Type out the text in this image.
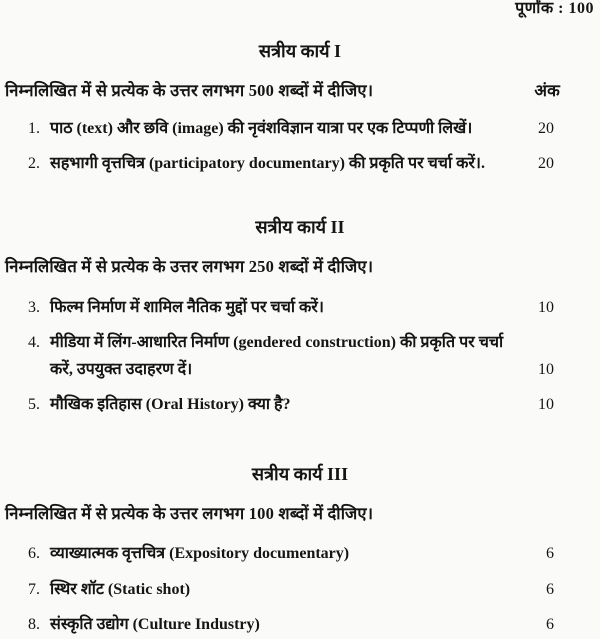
पूर्णांक : 100
सत्रीय कार्य I
निम्नलिखित में से प्रत्येक के उत्तर लगभग 500 शब्दों में दीजिए।	अंक
1. पाठ (text) और छवि (image) की नृवंशविज्ञान यात्रा पर एक टिप्पणी लिखें।	20
2. सहभागी वृत्तचित्र (participatory documentary) की प्रकृति पर चर्चा करें।.	20
सत्रीय कार्य II
निम्नलिखित में से प्रत्येक के उत्तर लगभग 250 शब्दों में दीजिए।
3. फिल्म निर्माण में शामिल नैतिक मुद्दों पर चर्चा करें।	10
4. मीडिया में लिंग-आधारित निर्माण (gendered construction) की प्रकृति पर चर्चा करें, उपयुक्त उदाहरण दें।	10
5. मौखिक इतिहास (Oral History) क्या है?	10
सत्रीय कार्य III
निम्नलिखित में से प्रत्येक के उत्तर लगभग 100 शब्दों में दीजिए।
6. व्याख्यात्मक वृत्तचित्र (Expository documentary)	6
7. स्थिर शॉट (Static shot)	6
8. संस्कृति उद्योग (Culture Industry)	6
